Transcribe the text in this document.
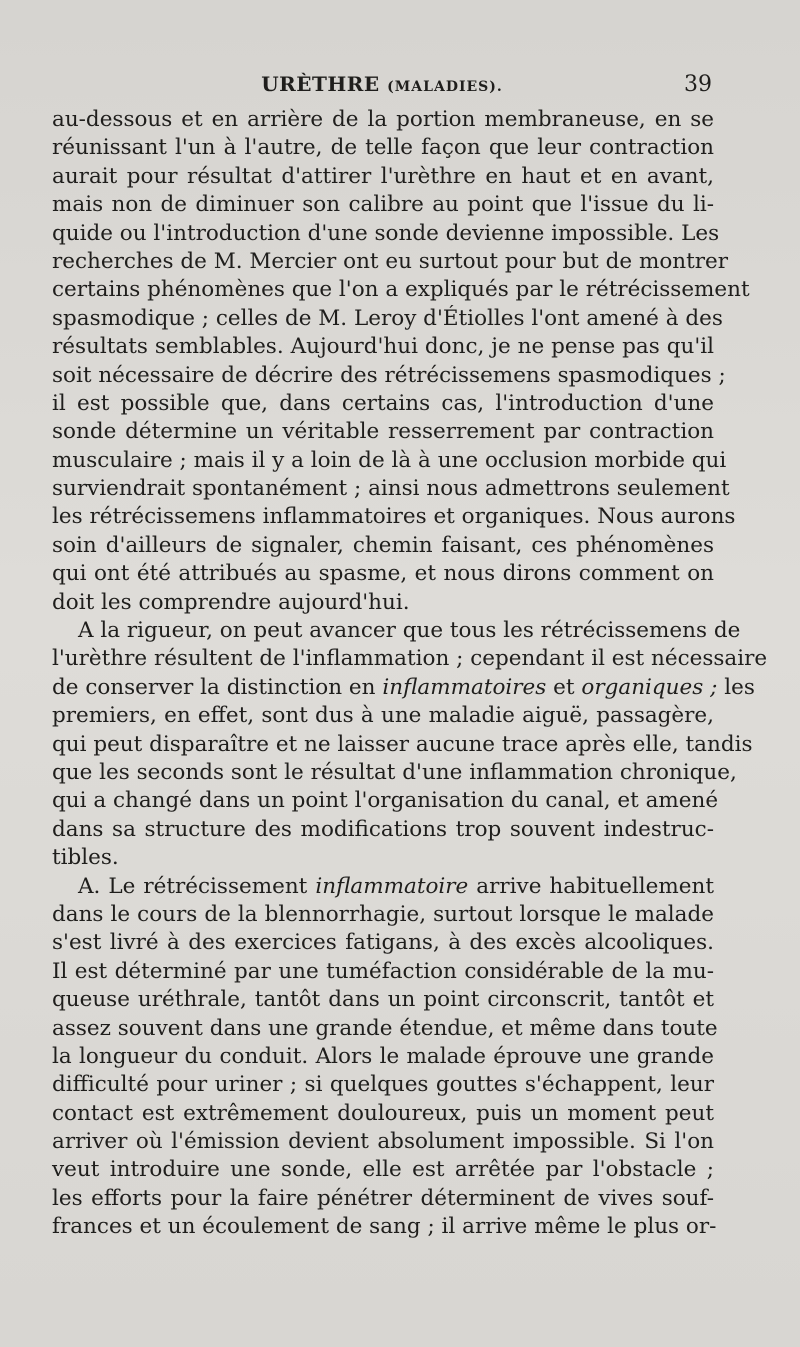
URÈTHRE (MALADIES).	39
au-dessous et en arrière de la portion membraneuse, en se
réunissant l'un à l'autre, de telle façon que leur contraction
aurait pour résultat d'attirer l'urèthre en haut et en avant,
mais non de diminuer son calibre au point que l'issue du li-
quide ou l'introduction d'une sonde devienne impossible. Les
recherches de M. Mercier ont eu surtout pour but de montrer
certains phénomènes que l'on a expliqués par le rétrécissement
spasmodique ; celles de M. Leroy d'Étiolles l'ont amené à des
résultats semblables. Aujourd'hui donc, je ne pense pas qu'il
soit nécessaire de décrire des rétrécissemens spasmodiques ;
il est possible que, dans certains cas, l'introduction d'une
sonde détermine un véritable resserrement par contraction
musculaire ; mais il y a loin de là à une occlusion morbide qui
surviendrait spontanément ; ainsi nous admettrons seulement
les rétrécissemens inflammatoires et organiques. Nous aurons
soin d'ailleurs de signaler, chemin faisant, ces phénomènes
qui ont été attribués au spasme, et nous dirons comment on
doit les comprendre aujourd'hui.
A la rigueur, on peut avancer que tous les rétrécissemens de
l'urèthre résultent de l'inflammation ; cependant il est nécessaire
de conserver la distinction en inflammatoires et organiques ; les
premiers, en effet, sont dus à une maladie aiguë, passagère,
qui peut disparaître et ne laisser aucune trace après elle, tandis
que les seconds sont le résultat d'une inflammation chronique,
qui a changé dans un point l'organisation du canal, et amené
dans sa structure des modifications trop souvent indestruc-
tibles.
A. Le rétrécissement inflammatoire arrive habituellement
dans le cours de la blennorrhagie, surtout lorsque le malade
s'est livré à des exercices fatigans, à des excès alcooliques.
Il est déterminé par une tuméfaction considérable de la mu-
queuse uréthrale, tantôt dans un point circonscrit, tantôt et
assez souvent dans une grande étendue, et même dans toute
la longueur du conduit. Alors le malade éprouve une grande
difficulté pour uriner ; si quelques gouttes s'échappent, leur
contact est extrêmement douloureux, puis un moment peut
arriver où l'émission devient absolument impossible. Si l'on
veut introduire une sonde, elle est arrêtée par l'obstacle ;
les efforts pour la faire pénétrer déterminent de vives souf-
frances et un écoulement de sang ; il arrive même le plus or-
